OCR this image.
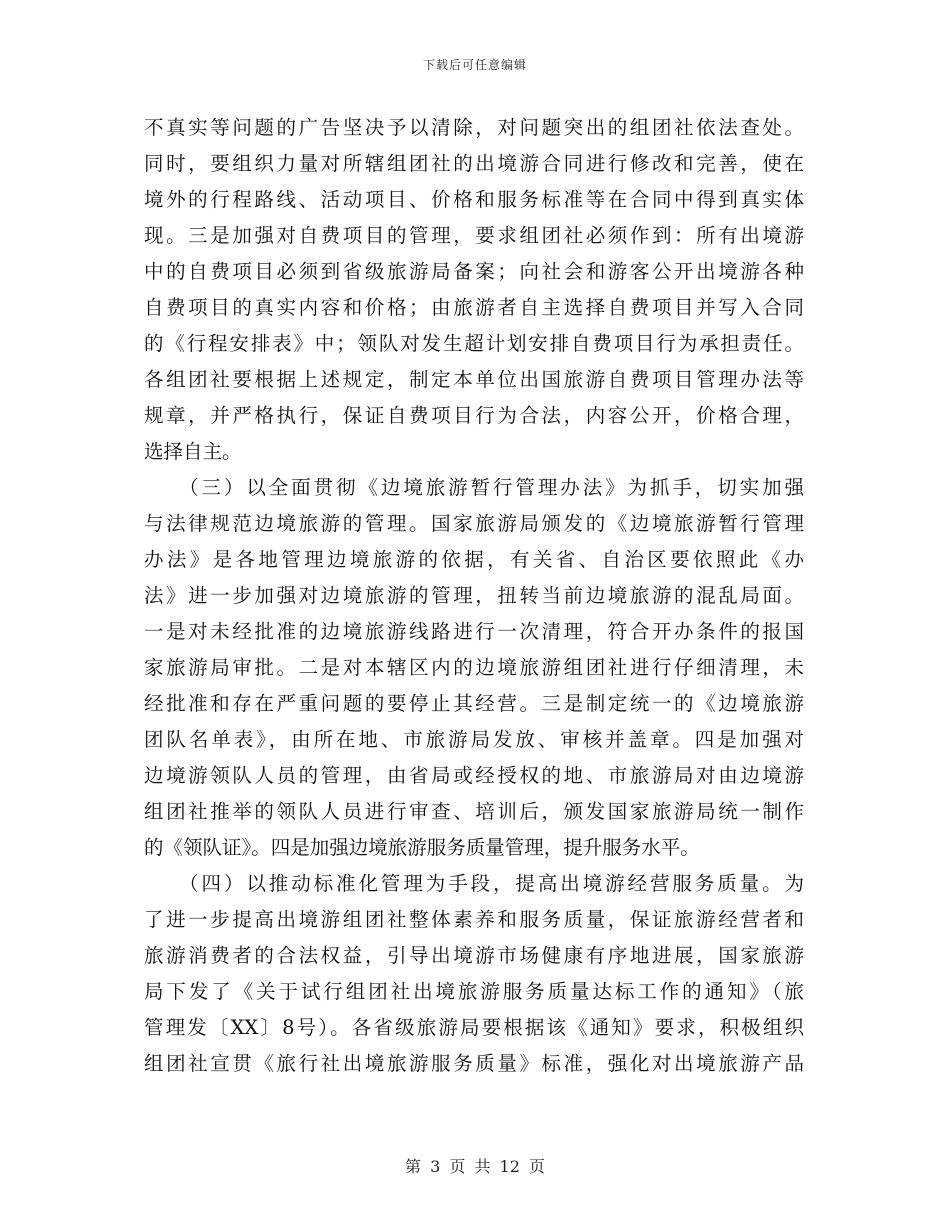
下载后可任意编辑
不真实等问题的广告坚决予以清除，对问题突出的组团社依法查处。
同时，要组织力量对所辖组团社的出境游合同进行修改和完善，使在
境外的行程路线、活动项目、价格和服务标准等在合同中得到真实体
现。三是加强对自费项目的管理，要求组团社必须作到：所有出境游
中的自费项目必须到省级旅游局备案；向社会和游客公开出境游各种
自费项目的真实内容和价格；由旅游者自主选择自费项目并写入合同
的《行程安排表》中；领队对发生超计划安排自费项目行为承担责任。
各组团社要根据上述规定，制定本单位出国旅游自费项目管理办法等
规章，并严格执行，保证自费项目行为合法，内容公开，价格合理，
选择自主。
　　（三）以全面贯彻《边境旅游暂行管理办法》为抓手，切实加强
与法律规范边境旅游的管理。国家旅游局颁发的《边境旅游暂行管理
办法》是各地管理边境旅游的依据，有关省、自治区要依照此《办
法》进一步加强对边境旅游的管理，扭转当前边境旅游的混乱局面。
一是对未经批准的边境旅游线路进行一次清理，符合开办条件的报国
家旅游局审批。二是对本辖区内的边境旅游组团社进行仔细清理，未
经批准和存在严重问题的要停止其经营。三是制定统一的《边境旅游
团队名单表》，由所在地、市旅游局发放、审核并盖章。四是加强对
边境游领队人员的管理，由省局或经授权的地、市旅游局对由边境游
组团社推举的领队人员进行审查、培训后，颁发国家旅游局统一制作
的《领队证》。四是加强边境旅游服务质量管理，提升服务水平。
　　（四）以推动标准化管理为手段，提高出境游经营服务质量。为
了进一步提高出境游组团社整体素养和服务质量，保证旅游经营者和
旅游消费者的合法权益，引导出境游市场健康有序地进展，国家旅游
局下发了《关于试行组团社出境旅游服务质量达标工作的通知》（旅
管理发〔XX〕8号）。各省级旅游局要根据该《通知》要求，积极组织
组团社宣贯《旅行社出境旅游服务质量》标准，强化对出境旅游产品
第 3 页 共 12 页
